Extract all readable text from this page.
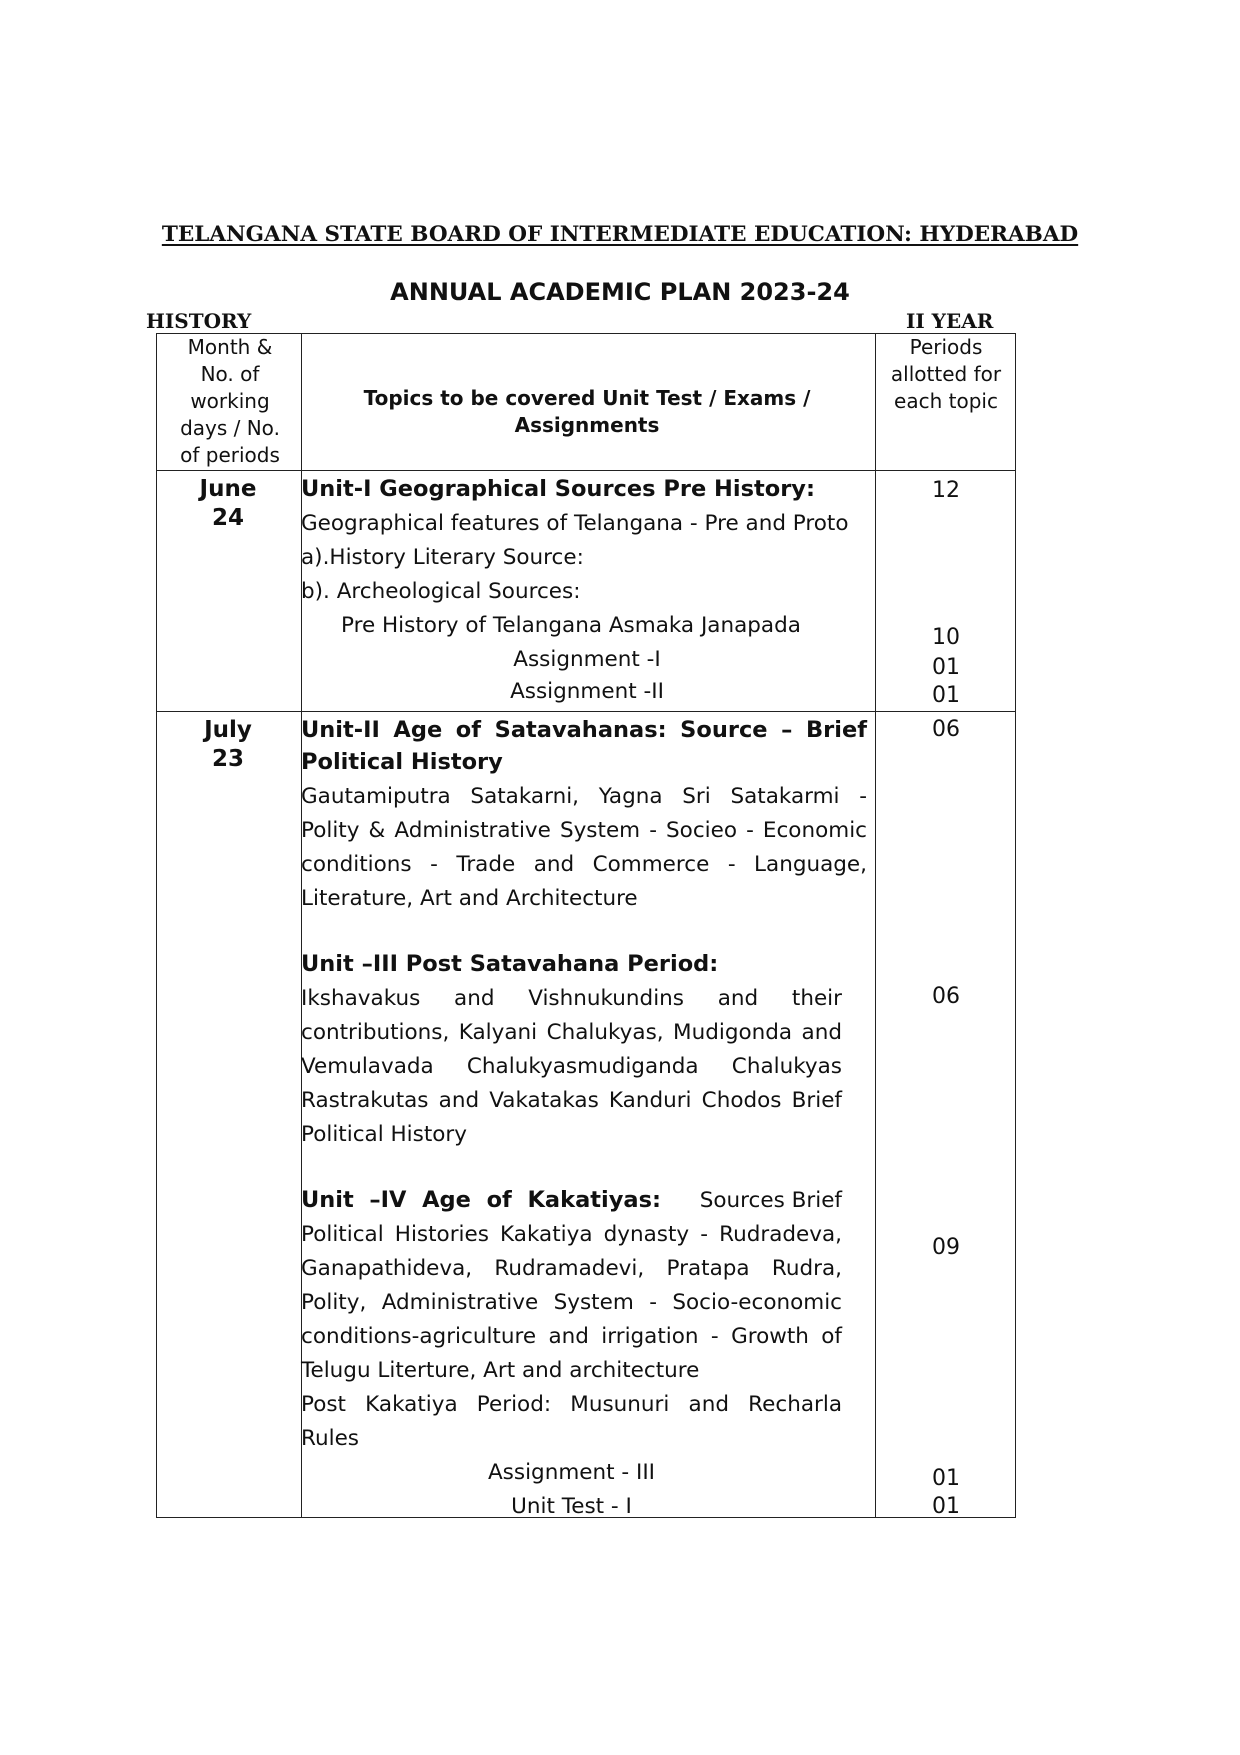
TELANGANA STATE BOARD OF INTERMEDIATE EDUCATION: HYDERABAD
ANNUAL ACADEMIC PLAN 2023-24
HISTORY	II YEAR
Month &
No. of
working
days / No.
of periods
Topics to be covered Unit Test / Exams /
Assignments
Periods
allotted for
each topic
June
24
Unit-I Geographical Sources Pre History:
Geographical features of Telangana - Pre and Proto
a).History Literary Source:
b). Archeological Sources:
Pre History of Telangana Asmaka Janapada
Assignment -I
Assignment -II
12
10
01
01
July
23
Unit-II Age of Satavahanas: Source – Brief
Political History
Gautamiputra Satakarni, Yagna Sri Satakarmi -
Polity & Administrative System - Socieo - Economic
conditions - Trade and Commerce - Language,
Literature, Art and Architecture
Unit –III Post Satavahana Period:
Ikshavakus and Vishnukundins and their
contributions, Kalyani Chalukyas, Mudigonda and
Vemulavada Chalukyasmudiganda Chalukyas
Rastrakutas and Vakatakas Kanduri Chodos Brief
Political History
Unit  –IV  Age  of  Kakatiyas: Sources Brief
Political Histories Kakatiya dynasty - Rudradeva,
Ganapathideva, Rudramadevi, Pratapa Rudra,
Polity, Administrative System - Socio-economic
conditions-agriculture and irrigation - Growth of
Telugu Literture, Art and architecture
Post Kakatiya Period: Musunuri and Recharla
Rules
Assignment - III
Unit Test - I
06
06
09
01
01
